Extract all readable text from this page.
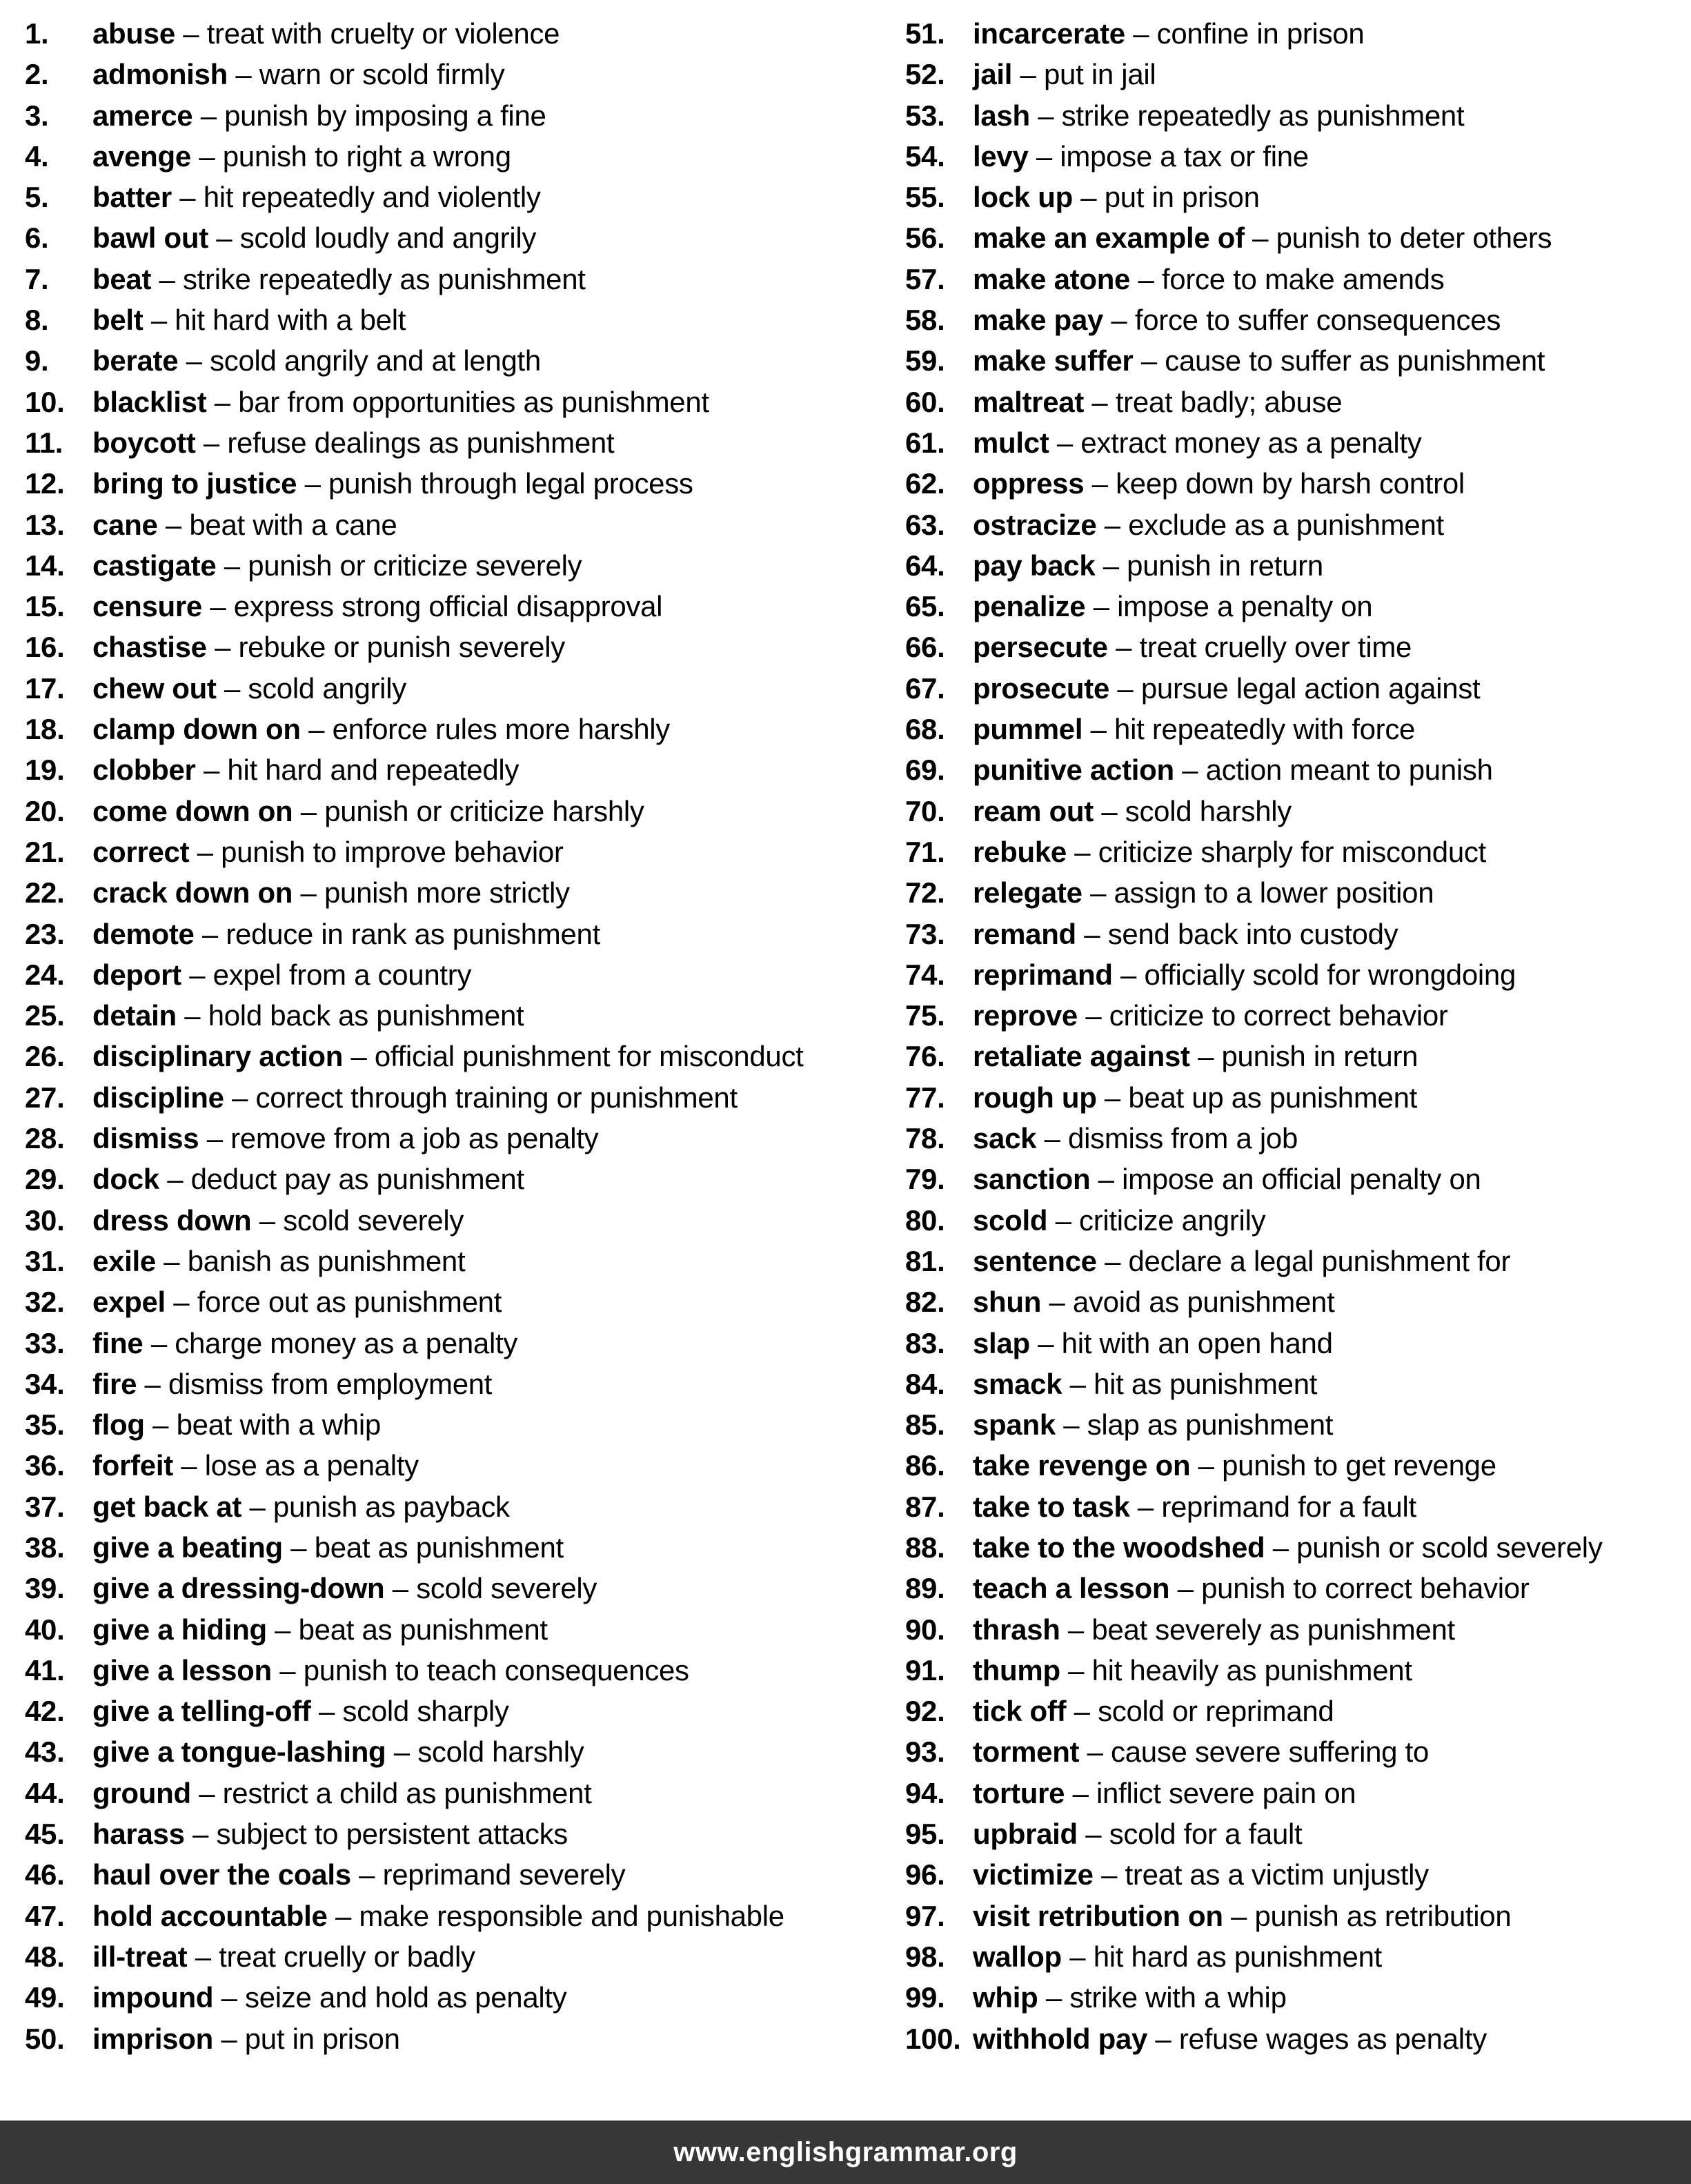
1. abuse – treat with cruelty or violence
2. admonish – warn or scold firmly
3. amerce – punish by imposing a fine
4. avenge – punish to right a wrong
5. batter – hit repeatedly and violently
6. bawl out – scold loudly and angrily
7. beat – strike repeatedly as punishment
8. belt – hit hard with a belt
9. berate – scold angrily and at length
10. blacklist – bar from opportunities as punishment
11. boycott – refuse dealings as punishment
12. bring to justice – punish through legal process
13. cane – beat with a cane
14. castigate – punish or criticize severely
15. censure – express strong official disapproval
16. chastise – rebuke or punish severely
17. chew out – scold angrily
18. clamp down on – enforce rules more harshly
19. clobber – hit hard and repeatedly
20. come down on – punish or criticize harshly
21. correct – punish to improve behavior
22. crack down on – punish more strictly
23. demote – reduce in rank as punishment
24. deport – expel from a country
25. detain – hold back as punishment
26. disciplinary action – official punishment for misconduct
27. discipline – correct through training or punishment
28. dismiss – remove from a job as penalty
29. dock – deduct pay as punishment
30. dress down – scold severely
31. exile – banish as punishment
32. expel – force out as punishment
33. fine – charge money as a penalty
34. fire – dismiss from employment
35. flog – beat with a whip
36. forfeit – lose as a penalty
37. get back at – punish as payback
38. give a beating – beat as punishment
39. give a dressing-down – scold severely
40. give a hiding – beat as punishment
41. give a lesson – punish to teach consequences
42. give a telling-off – scold sharply
43. give a tongue-lashing – scold harshly
44. ground – restrict a child as punishment
45. harass – subject to persistent attacks
46. haul over the coals – reprimand severely
47. hold accountable – make responsible and punishable
48. ill-treat – treat cruelly or badly
49. impound – seize and hold as penalty
50. imprison – put in prison
51. incarcerate – confine in prison
52. jail – put in jail
53. lash – strike repeatedly as punishment
54. levy – impose a tax or fine
55. lock up – put in prison
56. make an example of – punish to deter others
57. make atone – force to make amends
58. make pay – force to suffer consequences
59. make suffer – cause to suffer as punishment
60. maltreat – treat badly; abuse
61. mulct – extract money as a penalty
62. oppress – keep down by harsh control
63. ostracize – exclude as a punishment
64. pay back – punish in return
65. penalize – impose a penalty on
66. persecute – treat cruelly over time
67. prosecute – pursue legal action against
68. pummel – hit repeatedly with force
69. punitive action – action meant to punish
70. ream out – scold harshly
71. rebuke – criticize sharply for misconduct
72. relegate – assign to a lower position
73. remand – send back into custody
74. reprimand – officially scold for wrongdoing
75. reprove – criticize to correct behavior
76. retaliate against – punish in return
77. rough up – beat up as punishment
78. sack – dismiss from a job
79. sanction – impose an official penalty on
80. scold – criticize angrily
81. sentence – declare a legal punishment for
82. shun – avoid as punishment
83. slap – hit with an open hand
84. smack – hit as punishment
85. spank – slap as punishment
86. take revenge on – punish to get revenge
87. take to task – reprimand for a fault
88. take to the woodshed – punish or scold severely
89. teach a lesson – punish to correct behavior
90. thrash – beat severely as punishment
91. thump – hit heavily as punishment
92. tick off – scold or reprimand
93. torment – cause severe suffering to
94. torture – inflict severe pain on
95. upbraid – scold for a fault
96. victimize – treat as a victim unjustly
97. visit retribution on – punish as retribution
98. wallop – hit hard as punishment
99. whip – strike with a whip
100. withhold pay – refuse wages as penalty
www.englishgrammar.org
